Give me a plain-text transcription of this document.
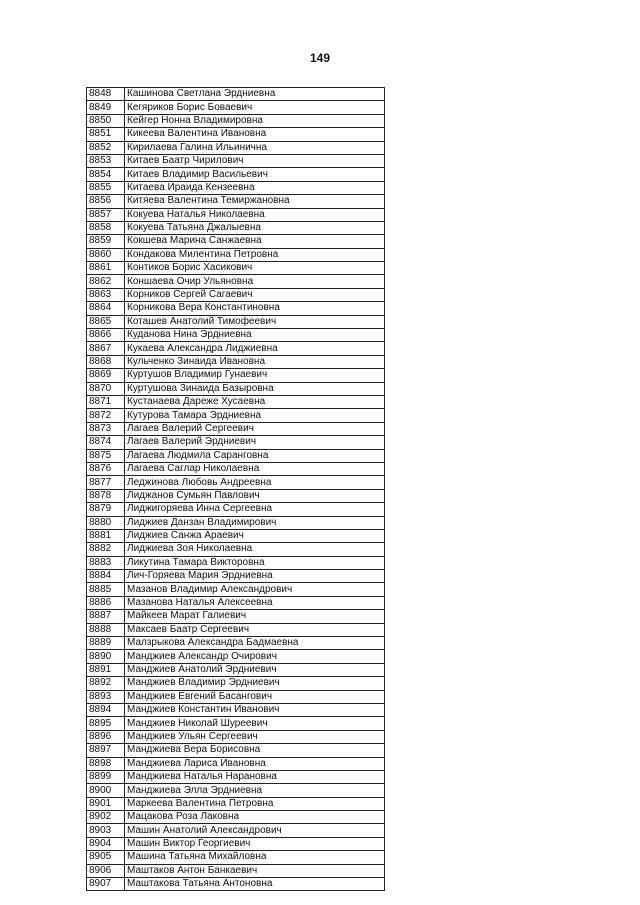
149
8848	Кашинова Светлана Эрдниевна
8849	Кегяриков Борис Боваевич
8850	Кейгер Нонна Владимировна
8851	Кикеева Валентина Ивановна
8852	Кирилаева Галина Ильинична
8853	Китаев Баатр Чирилович
8854	Китаев Владимир Васильевич
8855	Китаева Ираида Кензеевна
8856	Китяева Валентина Темиржановна
8857	Кокуева Наталья Николаевна
8858	Кокуева Татьяна Джалыевна
8859	Кокшева Марина Санжаевна
8860	Кондакова Милентина Петровна
8861	Контиков Борис Хасикович
8862	Коншаева Очир Ульяновна
8863	Корников Сергей Сагаевич
8864	Корникова Вера Константиновна
8865	Коташев Анатолий Тимофеевич
8866	Куданова Нина Эрдниевна
8867	Кукаева Александра Лиджиевна
8868	Кульченко Зинаида Ивановна
8869	Куртушов Владимир Гунаевич
8870	Куртушова Зинаида Базыровна
8871	Кустанаева Дареже Хусаевна
8872	Кутурова Тамара Эрдниевна
8873	Лагаев Валерий Сергеевич
8874	Лагаев Валерий Эрдниевич
8875	Лагаева Людмила Саранговна
8876	Лагаева Саглар Николаевна
8877	Леджинова Любовь Андреевна
8878	Лиджанов Сумьян Павлович
8879	Лиджигоряева Инна Сергеевна
8880	Лиджиев Данзан Владимирович
8881	Лиджиев Санжа Араевич
8882	Лиджиева Зоя Николаевна
8883	Ликутина Тамара Викторовна
8884	Лич-Горяева Мария Эрдниевна
8885	Мазанов Владимир Александрович
8886	Мазанова Наталья Алексеевна
8887	Майкеев Марат Галиевич
8888	Максаев Баатр Сергеевич
8889	Малзрыкова Александра Бадмаевна
8890	Манджиев Александр Очирович
8891	Манджиев Анатолий Эрдниевич
8892	Манджиев Владимир Эрдниевич
8893	Манджиев Евгений Басангович
8894	Манджиев Константин Иванович
8895	Манджиев Николай Шуреевич
8896	Манджиев Ульян Сергеевич
8897	Манджиева Вера Борисовна
8898	Манджиева Лариса Ивановна
8899	Манджиева Наталья Нарановна
8900	Манджиева Элла Эрдниевна
8901	Маркеева Валентина Петровна
8902	Мацакова Роза Лаковна
8903	Машин Анатолий Александрович
8904	Машин Виктор Георгиевич
8905	Машина Татьяна Михайловна
8906	Маштаков Антон Банкаевич
8907	Маштакова Татьяна Антоновна
